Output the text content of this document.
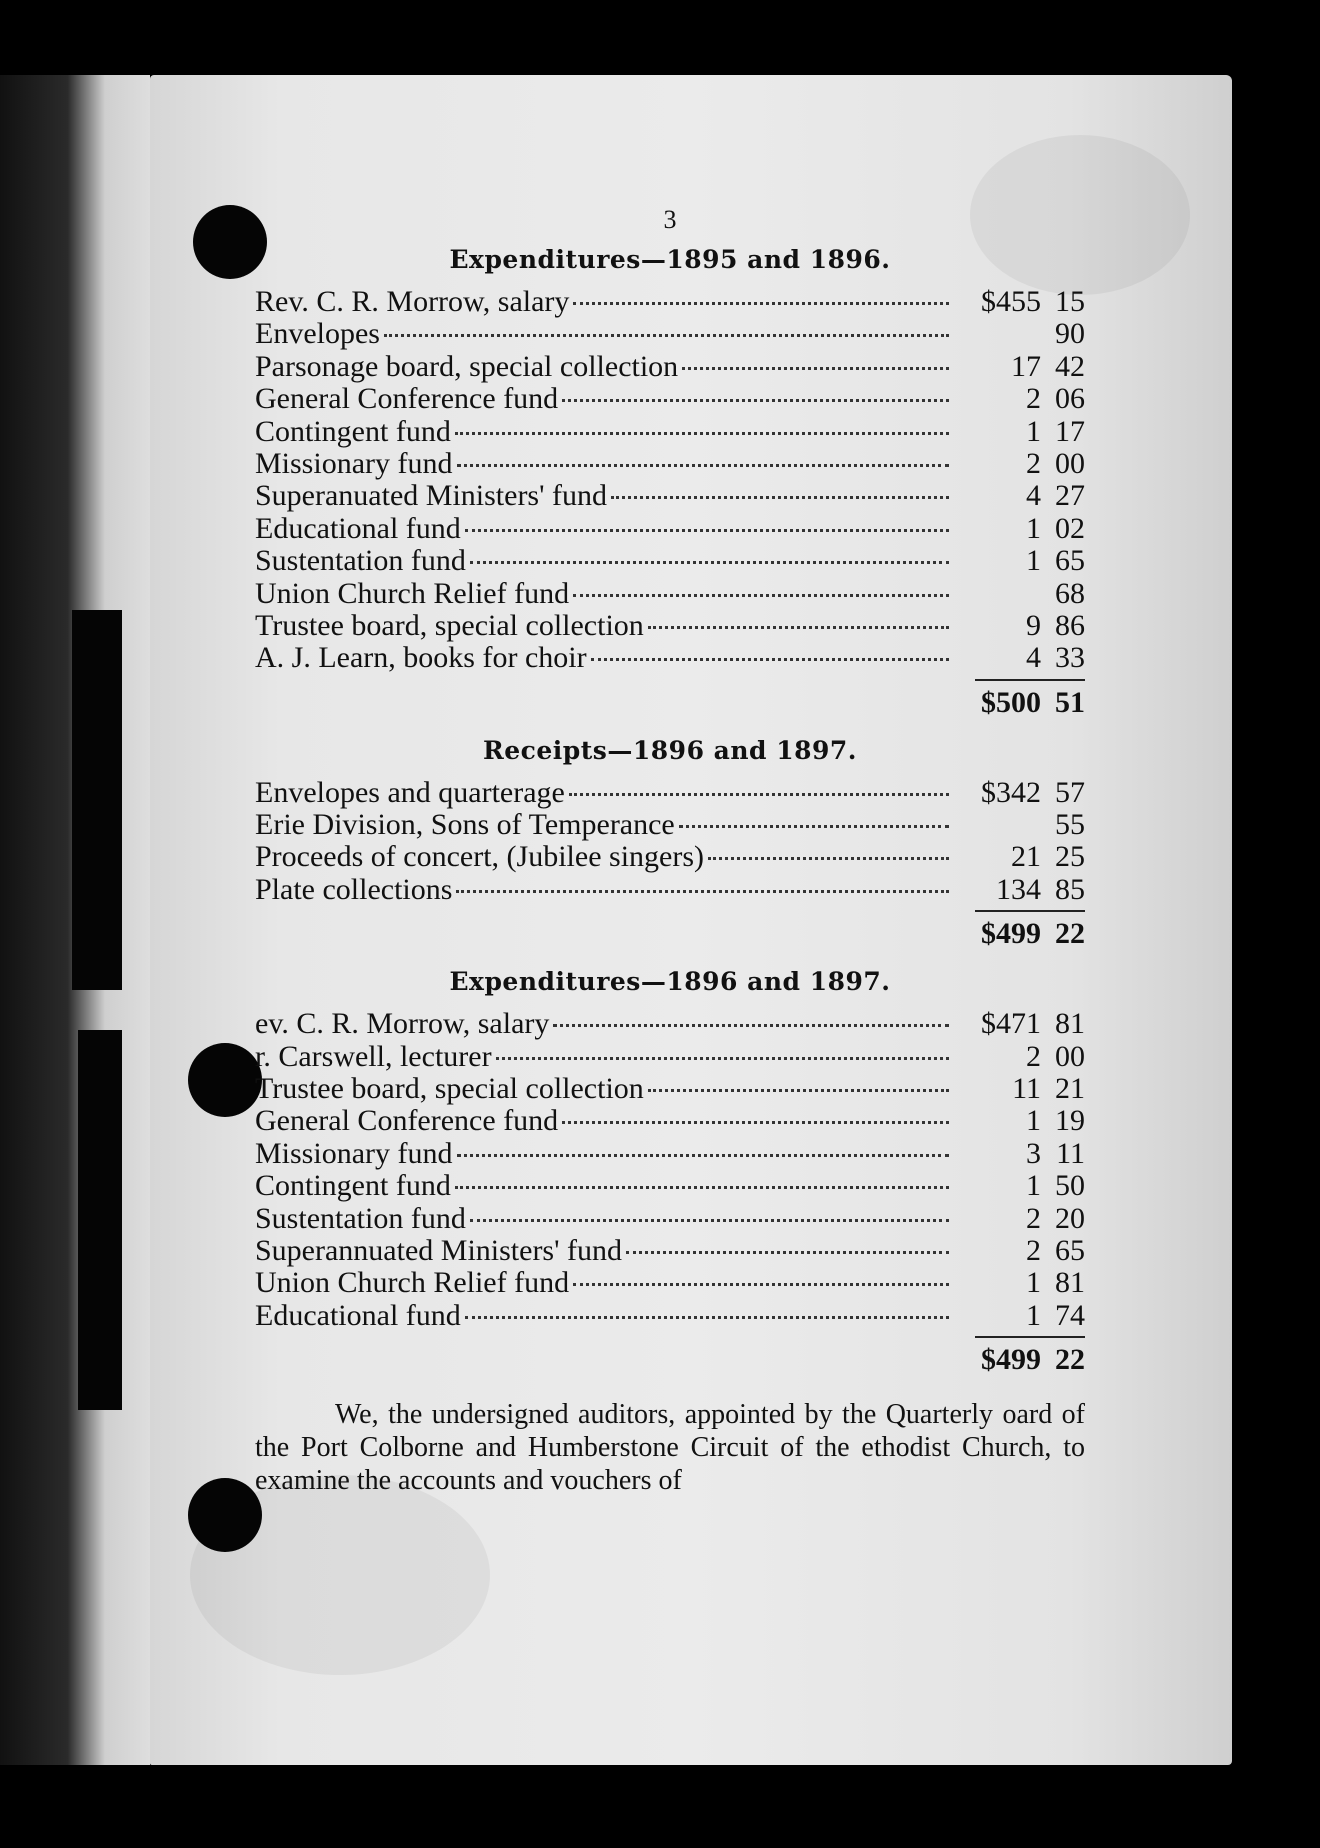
3
Expenditures—1895 and 1896.
Rev. C. R. Morrow, salary	$455 15
Envelopes	90
Parsonage board, special collection	17 42
General Conference fund	2 06
Contingent fund	1 17
Missionary fund	2 00
Superanuated Ministers' fund	4 27
Educational fund	1 02
Sustentation fund	1 65
Union Church Relief fund	68
Trustee board, special collection	9 86
A. J. Learn, books for choir	4 33
$500 51
Receipts—1896 and 1897.
Envelopes and quarterage	$342 57
Erie Division, Sons of Temperance	55
Proceeds of concert, (Jubilee singers)	21 25
Plate collections	134 85
$499 22
Expenditures—1896 and 1897.
ev. C. R. Morrow, salary	$471 81
r. Carswell, lecturer	2 00
Trustee board, special collection	11 21
General Conference fund	1 19
Missionary fund	3 11
Contingent fund	1 50
Sustentation fund	2 20
Superannuated Ministers' fund	2 65
Union Church Relief fund	1 81
Educational fund	1 74
$499 22
We, the undersigned auditors, appointed by the Quarterly oard of the Port Colborne and Humberstone Circuit of the ethodist Church, to examine the accounts and vouchers of
